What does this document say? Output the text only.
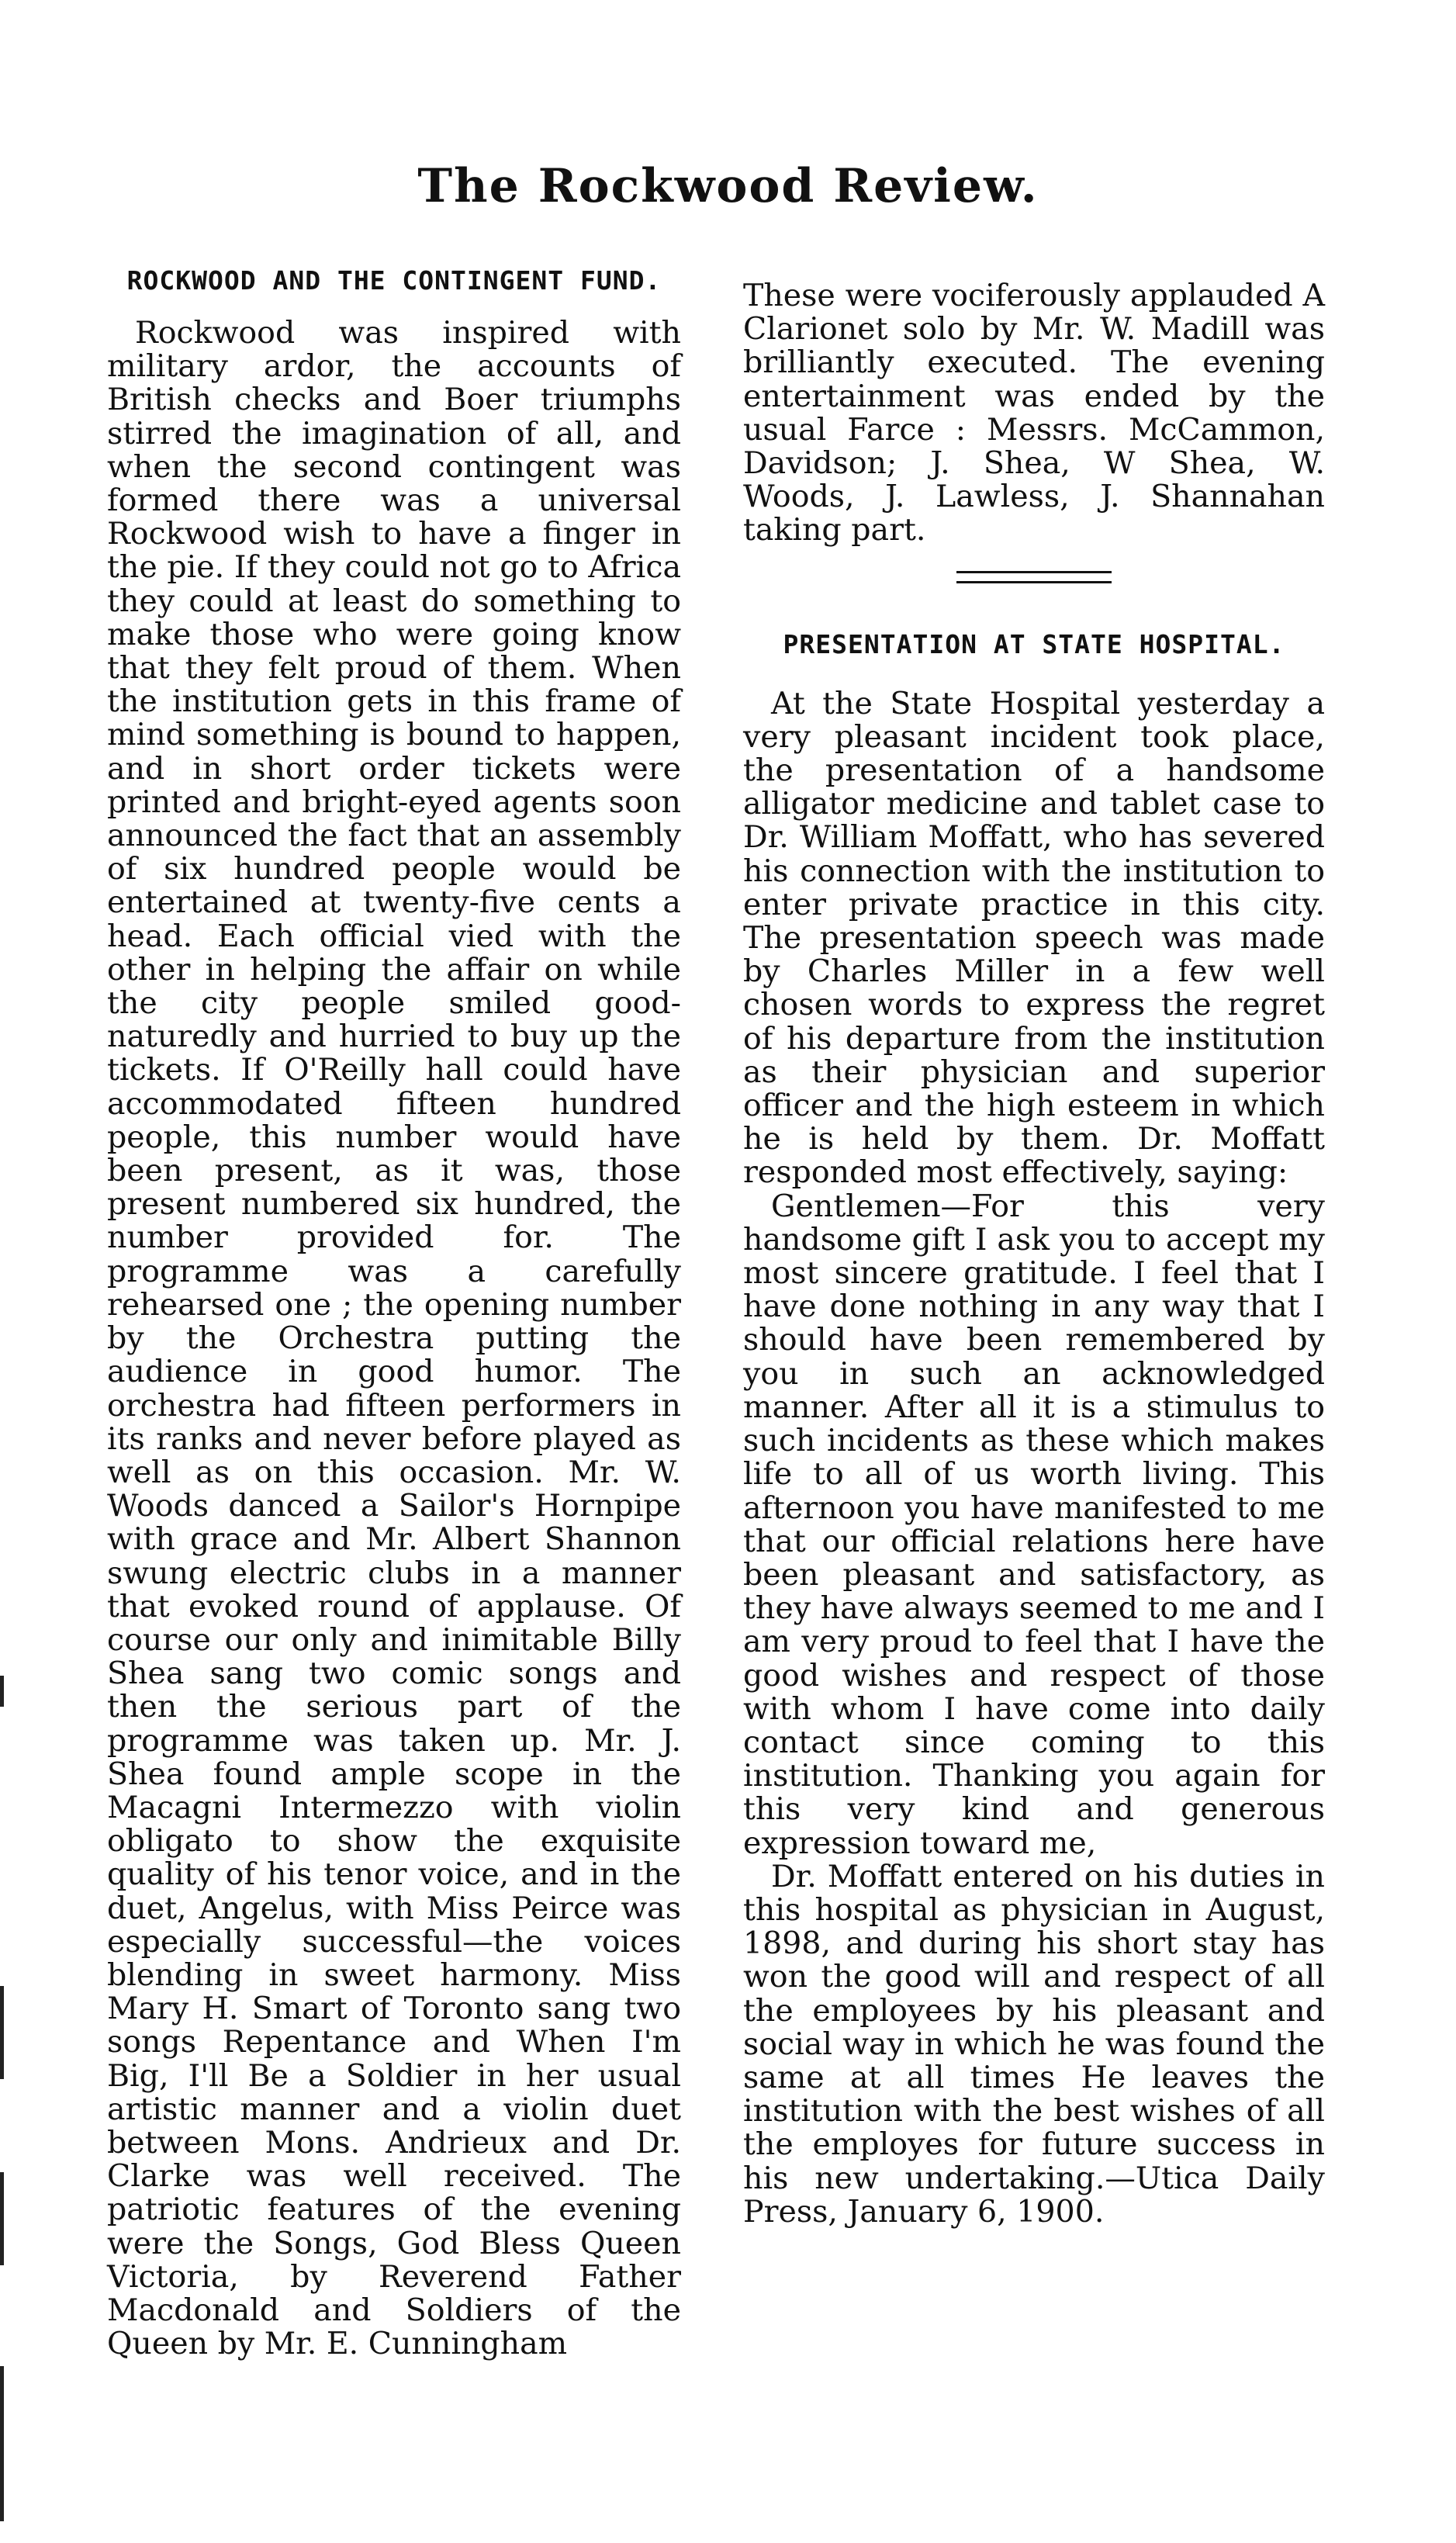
The Rockwood Review.
ROCKWOOD AND THE CONTINGENT FUND.

Rockwood was inspired with military ardor, the accounts of British checks and Boer triumphs stirred the imagination of all, and when the second contingent was formed there was a universal Rockwood wish to have a finger in the pie. If they could not go to Africa they could at least do something to make those who were going know that they felt proud of them. When the institution gets in this frame of mind something is bound to happen, and in short order tickets were printed and bright-eyed agents soon announced the fact that an assembly of six hundred people would be entertained at twenty-five cents a head. Each official vied with the other in helping the affair on while the city people smiled good-naturedly and hurried to buy up the tickets. If O'Reilly hall could have accommodated fifteen hundred people, this number would have been present, as it was, those present numbered six hundred, the number provided for. The programme was a carefully rehearsed one ; the opening number by the Orchestra putting the audience in good humor. The orchestra had fifteen performers in its ranks and never before played as well as on this occasion. Mr. W. Woods danced a Sailor's Hornpipe with grace and Mr. Albert Shannon swung electric clubs in a manner that evoked round of applause. Of course our only and inimitable Billy Shea sang two comic songs and then the serious part of the programme was taken up. Mr. J. Shea found ample scope in the Macagni Intermezzo with violin obligato to show the exquisite quality of his tenor voice, and in the duet, Angelus, with Miss Peirce was especially successful—the voices blending in sweet harmony. Miss Mary H. Smart of Toronto sang two songs Repentance and When I'm Big, I'll Be a Soldier in her usual artistic manner and a violin duet between Mons. Andrieux and Dr. Clarke was well received. The patriotic features of the evening were the Songs, God Bless Queen Victoria, by Reverend Father Macdonald and Soldiers of the Queen by Mr. E. Cunningham

These were vociferously applauded A Clarionet solo by Mr. W. Madill was brilliantly executed. The evening entertainment was ended by the usual Farce : Messrs. McCammon, Davidson; J. Shea, W Shea, W. Woods, J. Lawless, J. Shannahan taking part.

PRESENTATION AT STATE HOSPITAL.

At the State Hospital yesterday a very pleasant incident took place, the presentation of a handsome alligator medicine and tablet case to Dr. William Moffatt, who has severed his connection with the institution to enter private practice in this city. The presentation speech was made by Charles Miller in a few well chosen words to express the regret of his departure from the institution as their physician and superior officer and the high esteem in which he is held by them. Dr. Moffatt responded most effectively, saying:

Gentlemen—For this very handsome gift I ask you to accept my most sincere gratitude. I feel that I have done nothing in any way that I should have been remembered by you in such an acknowledged manner. After all it is a stimulus to such incidents as these which makes life to all of us worth living. This afternoon you have manifested to me that our official relations here have been pleasant and satisfactory, as they have always seemed to me and I am very proud to feel that I have the good wishes and respect of those with whom I have come into daily contact since coming to this institution. Thanking you again for this very kind and generous expression toward me,

Dr. Moffatt entered on his duties in this hospital as physician in August, 1898, and during his short stay has won the good will and respect of all the employees by his pleasant and social way in which he was found the same at all times He leaves the institution with the best wishes of all the employes for future success in his new undertaking.—Utica Daily Press, January 6, 1900.
